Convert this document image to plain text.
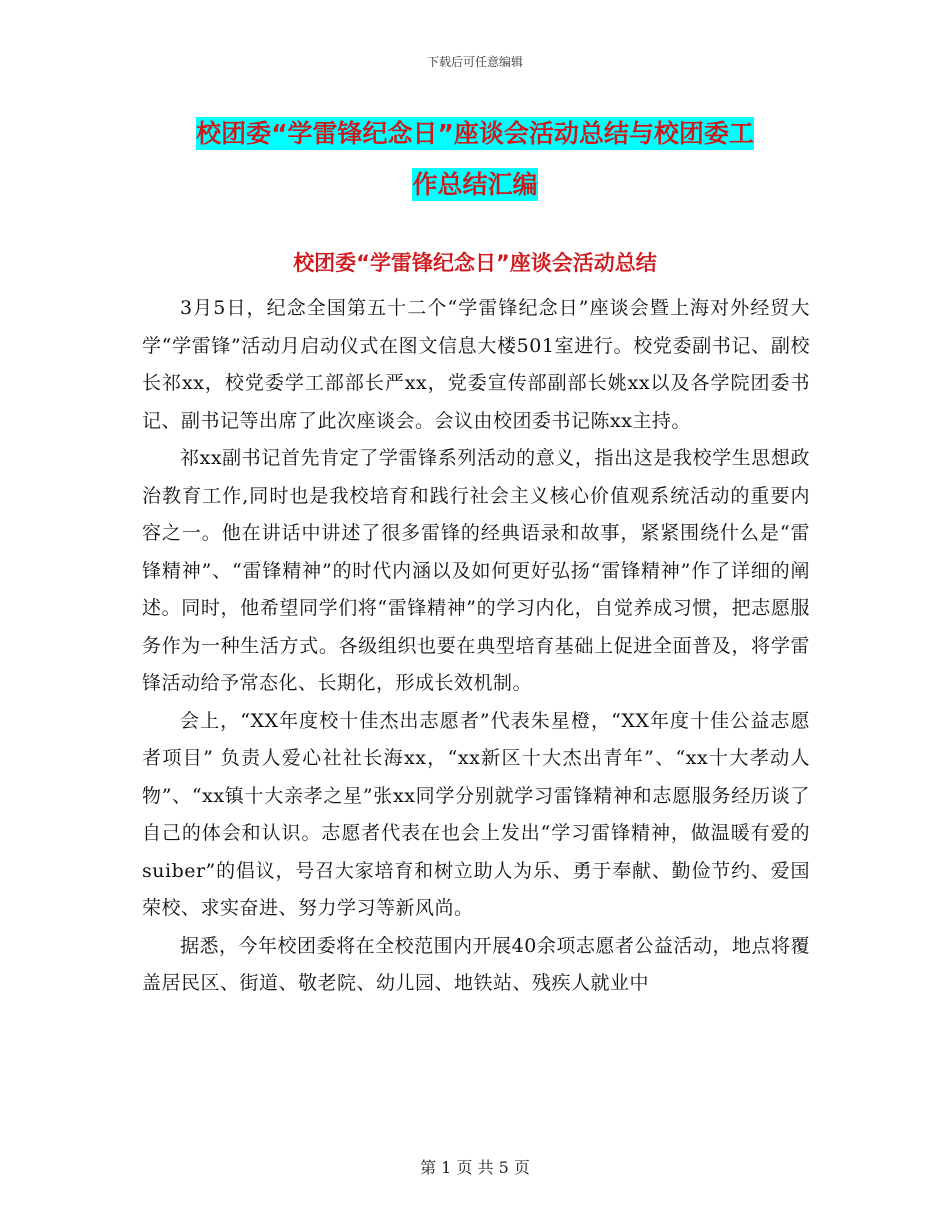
下载后可任意编辑
校团委“学雷锋纪念日”座谈会活动总结与校团委工
作总结汇编
校团委“学雷锋纪念日”座谈会活动总结

3月5日，纪念全国第五十二个“学雷锋纪念日”座谈会暨上海对外经贸大学“学雷锋”活动月启动仪式在图文信息大楼501室进行。校党委副书记、副校长祁xx，校党委学工部部长严xx，党委宣传部副部长姚xx以及各学院团委书记、副书记等出席了此次座谈会。会议由校团委书记陈xx主持。

祁xx副书记首先肯定了学雷锋系列活动的意义，指出这是我校学生思想政治教育工作,同时也是我校培育和践行社会主义核心价值观系统活动的重要内容之一。他在讲话中讲述了很多雷锋的经典语录和故事，紧紧围绕什么是“雷锋精神”、“雷锋精神”的时代内涵以及如何更好弘扬“雷锋精神”作了详细的阐述。同时，他希望同学们将“雷锋精神”的学习内化，自觉养成习惯，把志愿服务作为一种生活方式。各级组织也要在典型培育基础上促进全面普及，将学雷锋活动给予常态化、长期化，形成长效机制。

会上，“XX年度校十佳杰出志愿者”代表朱星橙，“XX年度十佳公益志愿者项目” 负责人爱心社社长海xx，“xx新区十大杰出青年”、“xx十大孝动人物”、“xx镇十大亲孝之星”张xx同学分别就学习雷锋精神和志愿服务经历谈了自己的体会和认识。志愿者代表在也会上发出“学习雷锋精神，做温暖有爱的suiber”的倡议，号召大家培育和树立助人为乐、勇于奉献、勤俭节约、爱国荣校、求实奋进、努力学习等新风尚。

据悉，今年校团委将在全校范围内开展40余项志愿者公益活动，地点将覆盖居民区、街道、敬老院、幼儿园、地铁站、残疾人就业中

第 1 页 共 5 页
